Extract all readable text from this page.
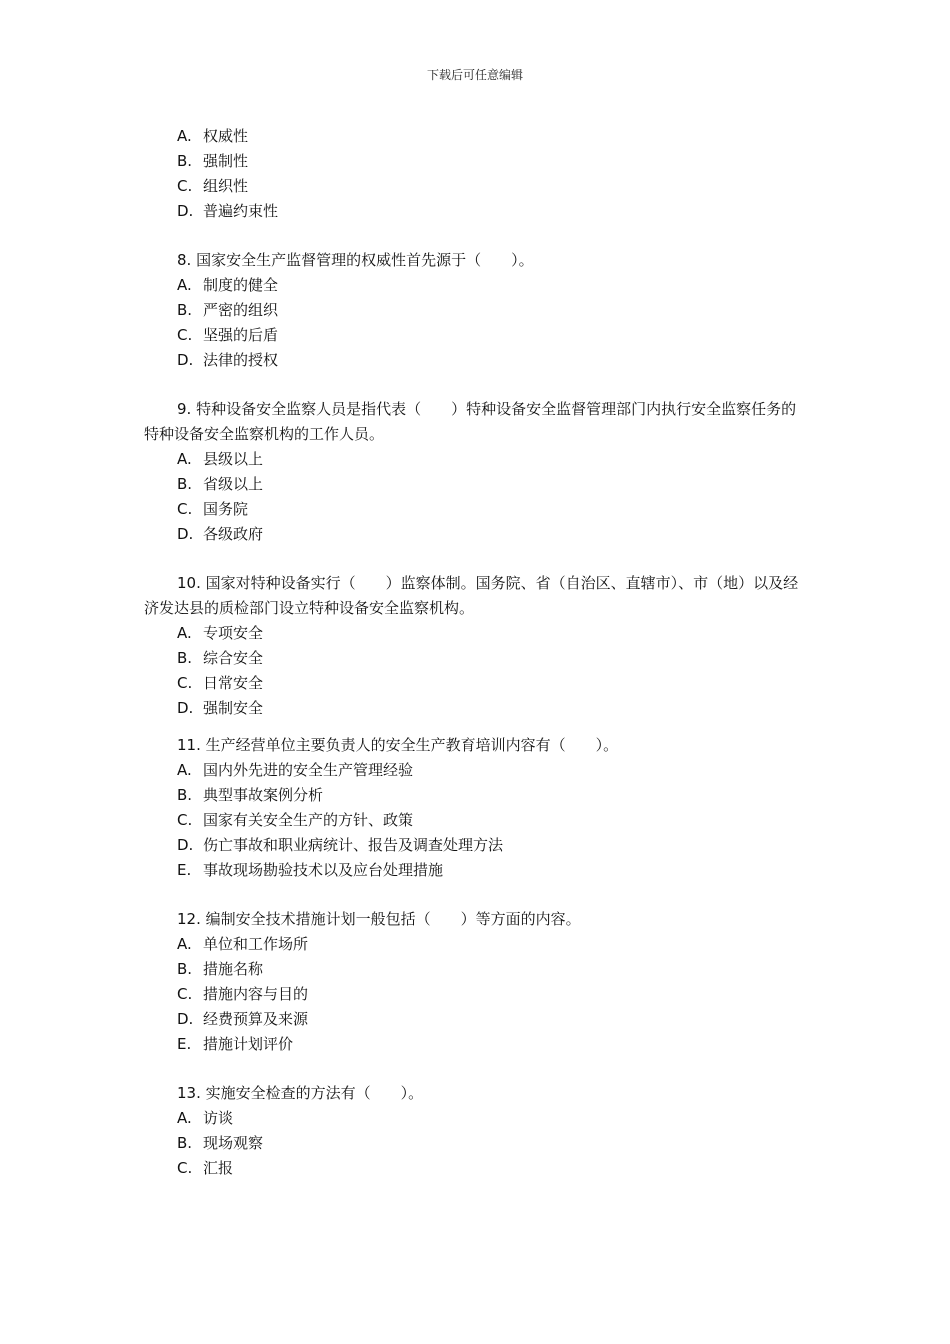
下载后可任意编辑
A. 权威性
B. 强制性
C. 组织性
D. 普遍约束性

8. 国家安全生产监督管理的权威性首先源于（　　）。

A. 制度的健全
B. 严密的组织
C. 坚强的后盾
D. 法律的授权

9. 特种设备安全监察人员是指代表（　　）特种设备安全监督管理部门内执行安全监察任务的特种设备安全监察机构的工作人员。

A. 县级以上
B. 省级以上
C. 国务院
D. 各级政府

10. 国家对特种设备实行（　　）监察体制。国务院、省（自治区、直辖市）、市（地）以及经济发达县的质检部门设立特种设备安全监察机构。

A. 专项安全
B. 综合安全
C. 日常安全
D. 强制安全

11. 生产经营单位主要负责人的安全生产教育培训内容有（　　）。

A. 国内外先进的安全生产管理经验
B. 典型事故案例分析
C. 国家有关安全生产的方针、政策
D. 伤亡事故和职业病统计、报告及调查处理方法
E. 事故现场勘验技术以及应台处理措施

12. 编制安全技术措施计划一般包括（　　）等方面的内容。

A. 单位和工作场所
B. 措施名称
C. 措施内容与目的
D. 经费预算及来源
E. 措施计划评价

13. 实施安全检查的方法有（　　）。

A. 访谈
B. 现场观察
C. 汇报
